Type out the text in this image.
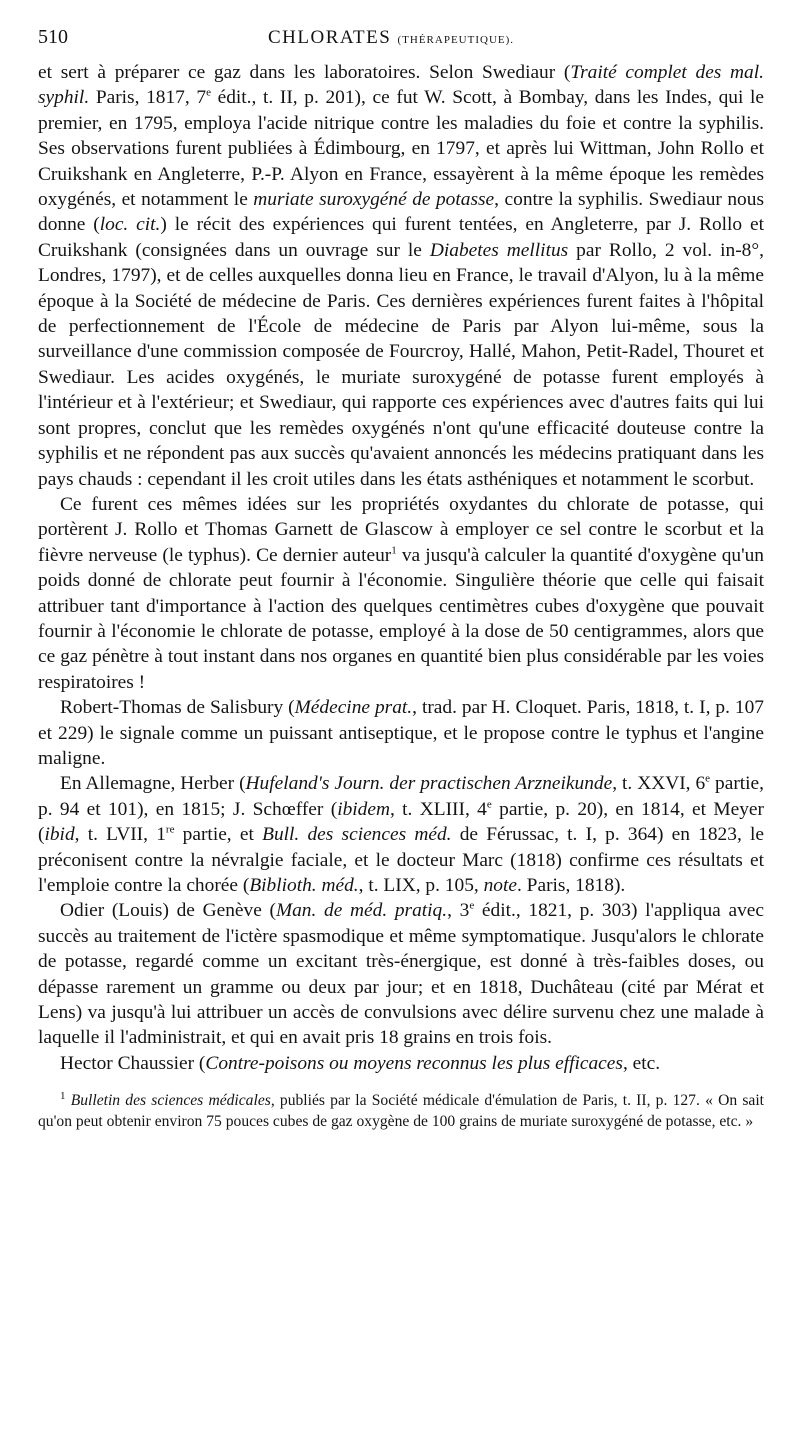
510	CHLORATES (THÉRAPEUTIQUE).

et sert à préparer ce gaz dans les laboratoires. Selon Swediaur (Traité complet des mal. syphil. Paris, 1817, 7e édit., t. II, p. 201), ce fut W. Scott, à Bombay, dans les Indes, qui le premier, en 1795, employa l'acide nitrique contre les maladies du foie et contre la syphilis. Ses observations furent publiées à Édimbourg, en 1797, et après lui Wittman, John Rollo et Cruikshank en Angleterre, P.-P. Alyon en France, essayèrent à la même époque les remèdes oxygénés, et notamment le muriate suroxygéné de potasse, contre la syphilis. Swediaur nous donne (loc. cit.) le récit des expériences qui furent tentées, en Angleterre, par J. Rollo et Cruikshank (consignées dans un ouvrage sur le Diabetes mellitus par Rollo, 2 vol. in-8°, Londres, 1797), et de celles auxquelles donna lieu en France, le travail d'Alyon, lu à la même époque à la Société de médecine de Paris. Ces dernières expériences furent faites à l'hôpital de perfectionnement de l'École de médecine de Paris par Alyon lui-même, sous la surveillance d'une commission composée de Fourcroy, Hallé, Mahon, Petit-Radel, Thouret et Swediaur. Les acides oxygénés, le muriate suroxygéné de potasse furent employés à l'intérieur et à l'extérieur; et Swediaur, qui rapporte ces expériences avec d'autres faits qui lui sont propres, conclut que les remèdes oxygénés n'ont qu'une efficacité douteuse contre la syphilis et ne répondent pas aux succès qu'avaient annoncés les médecins pratiquant dans les pays chauds : cependant il les croit utiles dans les états asthéniques et notamment le scorbut.

Ce furent ces mêmes idées sur les propriétés oxydantes du chlorate de potasse, qui portèrent J. Rollo et Thomas Garnett de Glascow à employer ce sel contre le scorbut et la fièvre nerveuse (le typhus). Ce dernier auteur$^1$ va jusqu'à calculer la quantité d'oxygène qu'un poids donné de chlorate peut fournir à l'économie. Singulière théorie que celle qui faisait attribuer tant d'importance à l'action des quelques centimètres cubes d'oxygène que pouvait fournir à l'économie le chlorate de potasse, employé à la dose de 50 centigrammes, alors que ce gaz pénètre à tout instant dans nos organes en quantité bien plus considérable par les voies respiratoires !

Robert-Thomas de Salisbury (Médecine prat., trad. par H. Cloquet. Paris, 1818, t. I, p. 107 et 229) le signale comme un puissant antiseptique, et le propose contre le typhus et l'angine maligne.

En Allemagne, Herber (Hufeland's Journ. der practischen Arzneikunde, t. XXVI, 6e partie, p. 94 et 101), en 1815; J. Schœffer (ibidem, t. XLIII, 4e partie, p. 20), en 1814, et Meyer (ibid, t. LVII, 1re partie, et Bull. des sciences méd. de Férussac, t. I, p. 364) en 1823, le préconisent contre la névralgie faciale, et le docteur Marc (1818) confirme ces résultats et l'emploie contre la chorée (Biblioth. méd., t. LIX, p. 105, note. Paris, 1818).

Odier (Louis) de Genève (Man. de méd. pratiq., 3e édit., 1821, p. 303) l'appliqua avec succès au traitement de l'ictère spasmodique et même symptomatique. Jusqu'alors le chlorate de potasse, regardé comme un excitant très-énergique, est donné à très-faibles doses, ou dépasse rarement un gramme ou deux par jour; et en 1818, Duchâteau (cité par Mérat et Lens) va jusqu'à lui attribuer un accès de convulsions avec délire survenu chez une malade à laquelle il l'administrait, et qui en avait pris 18 grains en trois fois.

Hector Chaussier (Contre-poisons ou moyens reconnus les plus efficaces, etc.

$^1$ Bulletin des sciences médicales, publiés par la Société médicale d'émulation de Paris, t. II, p. 127. « On sait qu'on peut obtenir environ 75 pouces cubes de gaz oxygène de 100 grains de muriate suroxygéné de potasse, etc. »
